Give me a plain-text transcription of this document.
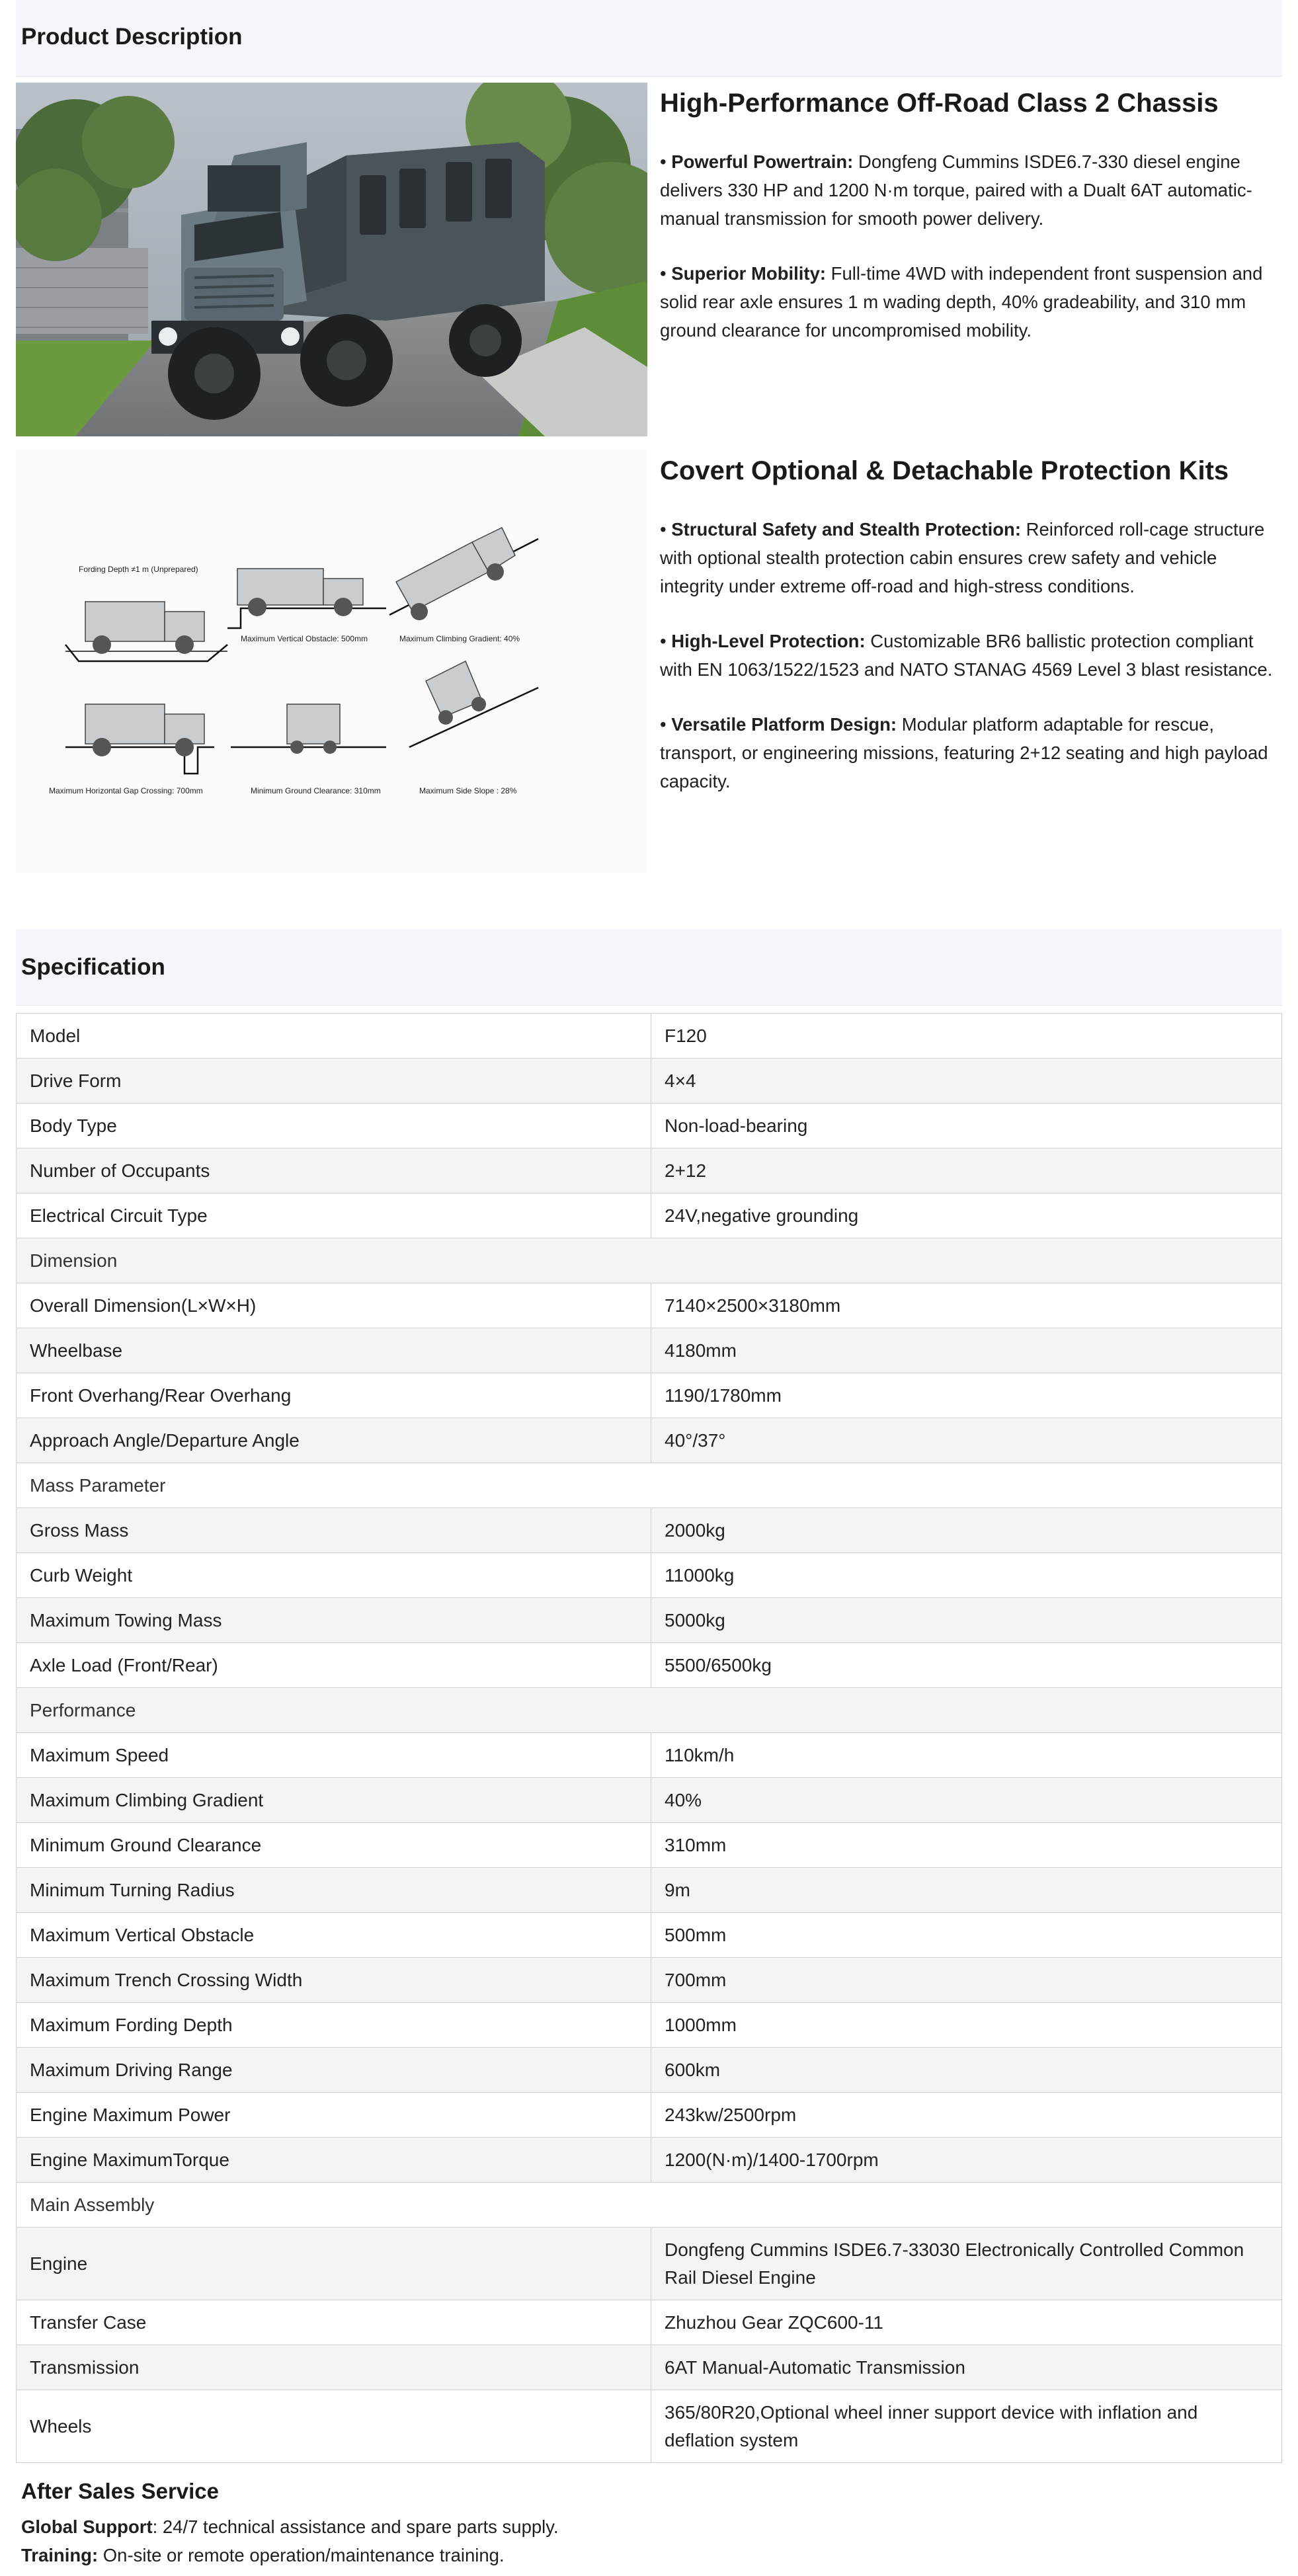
Product Description
High-Performance Off-Road Class 2 Chassis

• Powerful Powertrain: Dongfeng Cummins ISDE6.7-330 diesel engine delivers 330 HP and 1200 N·m torque, paired with a Dualt 6AT automatic-manual transmission for smooth power delivery.

• Superior Mobility: Full-time 4WD with independent front suspension and solid rear axle ensures 1 m wading depth, 40% gradeability, and 310 mm ground clearance for uncompromised mobility.

Fording Depth ≠1 m (Unprepared)
Maximum Vertical Obstacle: 500mm	Maximum Climbing Gradient: 40%
Maximum Horizontal Gap Crossing: 700mm	Minimum Ground Clearance: 310mm	Maximum Side Slope : 28%
Covert Optional & Detachable Protection Kits

• Structural Safety and Stealth Protection: Reinforced roll-cage structure with optional stealth protection cabin ensures crew safety and vehicle integrity under extreme off-road and high-stress conditions.

• High-Level Protection: Customizable BR6 ballistic protection compliant with EN 1063/1522/1523 and NATO STANAG 4569 Level 3 blast resistance.

• Versatile Platform Design: Modular platform adaptable for rescue, transport, or engineering missions, featuring 2+12 seating and high payload capacity.

Specification
Model	F120
Drive Form	4×4
Body Type	Non-load-bearing
Number of Occupants	2+12
Electrical Circuit Type	24V,negative grounding
Dimension	
Overall Dimension(L×W×H)	7140×2500×3180mm
Wheelbase	4180mm
Front Overhang/Rear Overhang	1190/1780mm
Approach Angle/Departure Angle	40°/37°
Mass Parameter	
Gross Mass	2000kg
Curb Weight	11000kg
Maximum Towing Mass	5000kg
Axle Load (Front/Rear)	5500/6500kg
Performance	
Maximum Speed	110km/h
Maximum Climbing Gradient	40%
Minimum Ground Clearance	310mm
Minimum Turning Radius	9m
Maximum Vertical Obstacle	500mm
Maximum Trench Crossing Width	700mm
Maximum Fording Depth	1000mm
Maximum Driving Range	600km
Engine Maximum Power	243kw/2500rpm
Engine MaximumTorque	1200(N·m)/1400-1700rpm
Main Assembly	
Engine	Dongfeng Cummins ISDE6.7-33030 Electronically Controlled Common Rail Diesel Engine
Transfer Case	Zhuzhou Gear ZQC600-11
Transmission	6AT Manual-Automatic Transmission
Wheels	365/80R20,Optional wheel inner support device with inflation and deflation system
After Sales Service

Global Support: 24/7 technical assistance and spare parts supply.

Training: On-site or remote operation/maintenance training.
